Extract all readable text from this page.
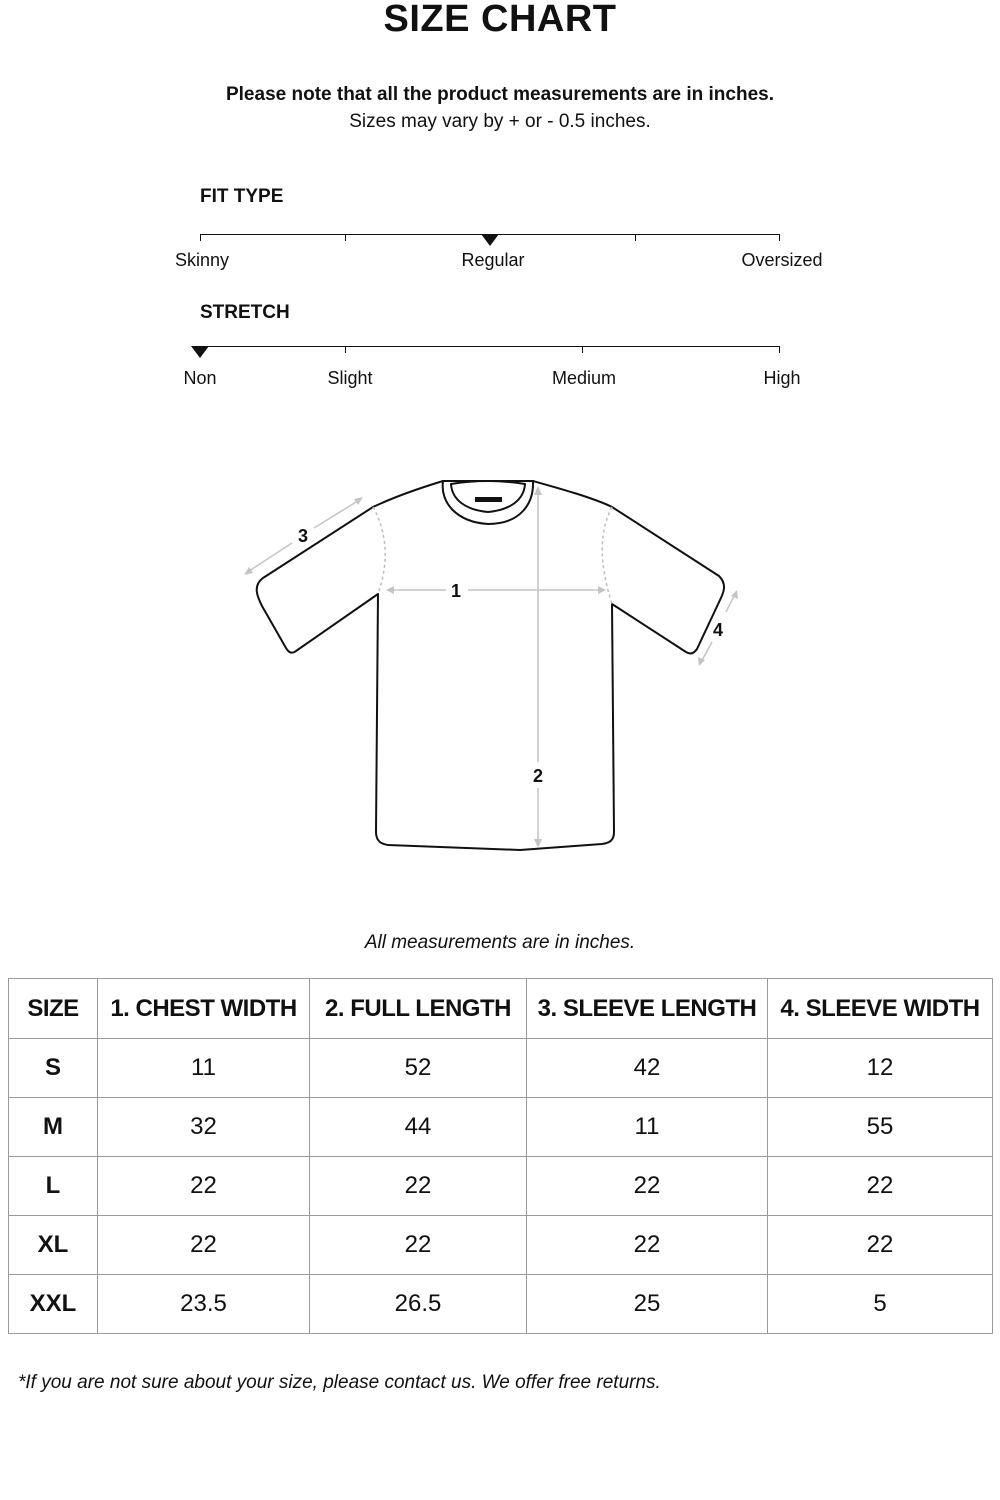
SIZE CHART
Please note that all the product measurements are in inches.
Sizes may vary by + or - 0.5 inches.
FIT TYPE
Skinny	Regular	Oversized
STRETCH
Non	Slight	Medium	High
1
2
3
4
All measurements are in inches.
SIZE	1. CHEST WIDTH	2. FULL LENGTH	3. SLEEVE LENGTH	4. SLEEVE WIDTH
S	11	52	42	12
M	32	44	11	55
L	22	22	22	22
XL	22	22	22	22
XXL	23.5	26.5	25	5
*If you are not sure about your size, please contact us. We offer free returns.
